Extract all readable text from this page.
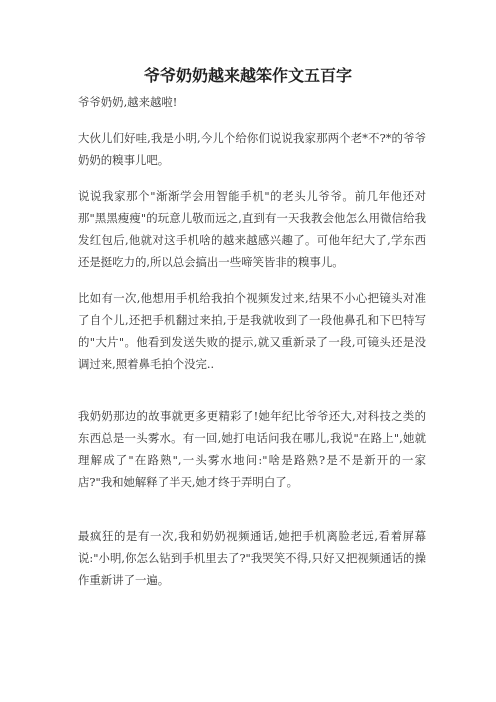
爷爷奶奶越来越笨作文五百字

爷爷奶奶,越来越啦!

大伙儿们好哇,我是小明,今儿个给你们说说我家那两个老*不?*的爷爷奶奶的糗事儿吧。

说说我家那个"渐渐学会用智能手机"的老头儿爷爷。前几年他还对那"黑黑瘦瘦"的玩意儿敬而远之,直到有一天我教会他怎么用微信给我发红包后,他就对这手机啥的越来越感兴趣了。可他年纪大了,学东西还是挺吃力的,所以总会搞出一些啼笑皆非的糗事儿。

比如有一次,他想用手机给我拍个视频发过来,结果不小心把镜头对准了自个儿,还把手机翻过来拍,于是我就收到了一段他鼻孔和下巴特写的"大片"。他看到发送失败的提示,就又重新录了一段,可镜头还是没调过来,照着鼻毛拍个没完..

我奶奶那边的故事就更多更精彩了!她年纪比爷爷还大,对科技之类的东西总是一头雾水。有一回,她打电话问我在哪儿,我说"在路上",她就理解成了"在路熟",一头雾水地问:"啥是路熟?是不是新开的一家店?"我和她解释了半天,她才终于弄明白了。

最疯狂的是有一次,我和奶奶视频通话,她把手机离脸老远,看着屏幕说:"小明,你怎么钻到手机里去了?"我哭笑不得,只好又把视频通话的操作重新讲了一遍。
